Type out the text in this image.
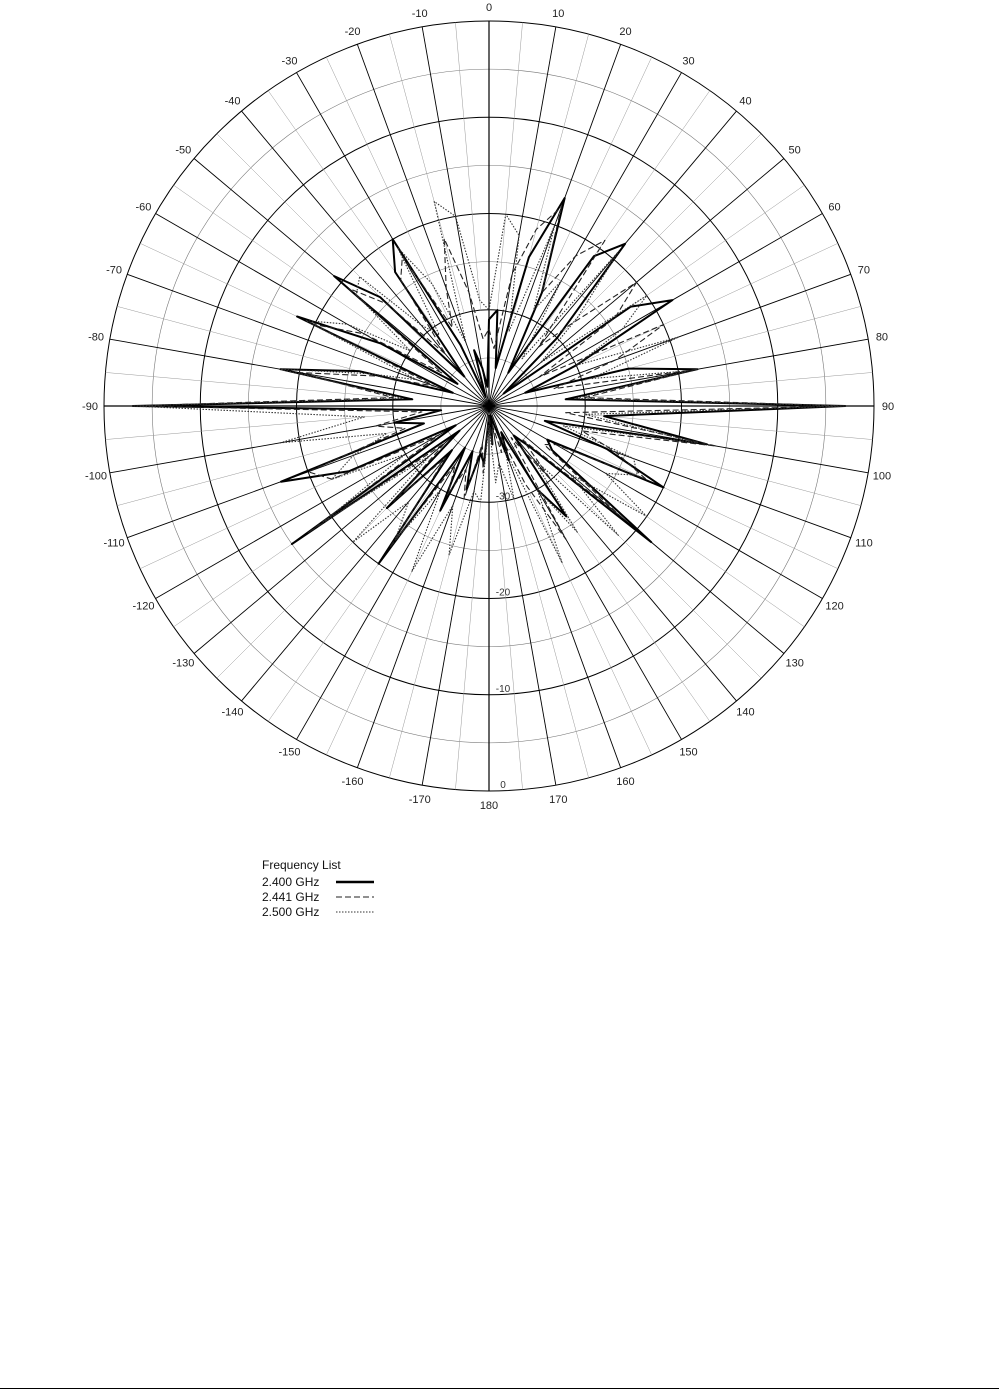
0
10
20
30
40
50
60
70
80
90
100
110
120
130
140
150
160
170
180
-10
-20
-30
-40
-50
-60
-70
-80
-90
-100
-110
-120
-130
-140
-150
-160
-170
-30
-20
-10
0
Frequency List
2.400 GHz
2.441 GHz
2.500 GHz
